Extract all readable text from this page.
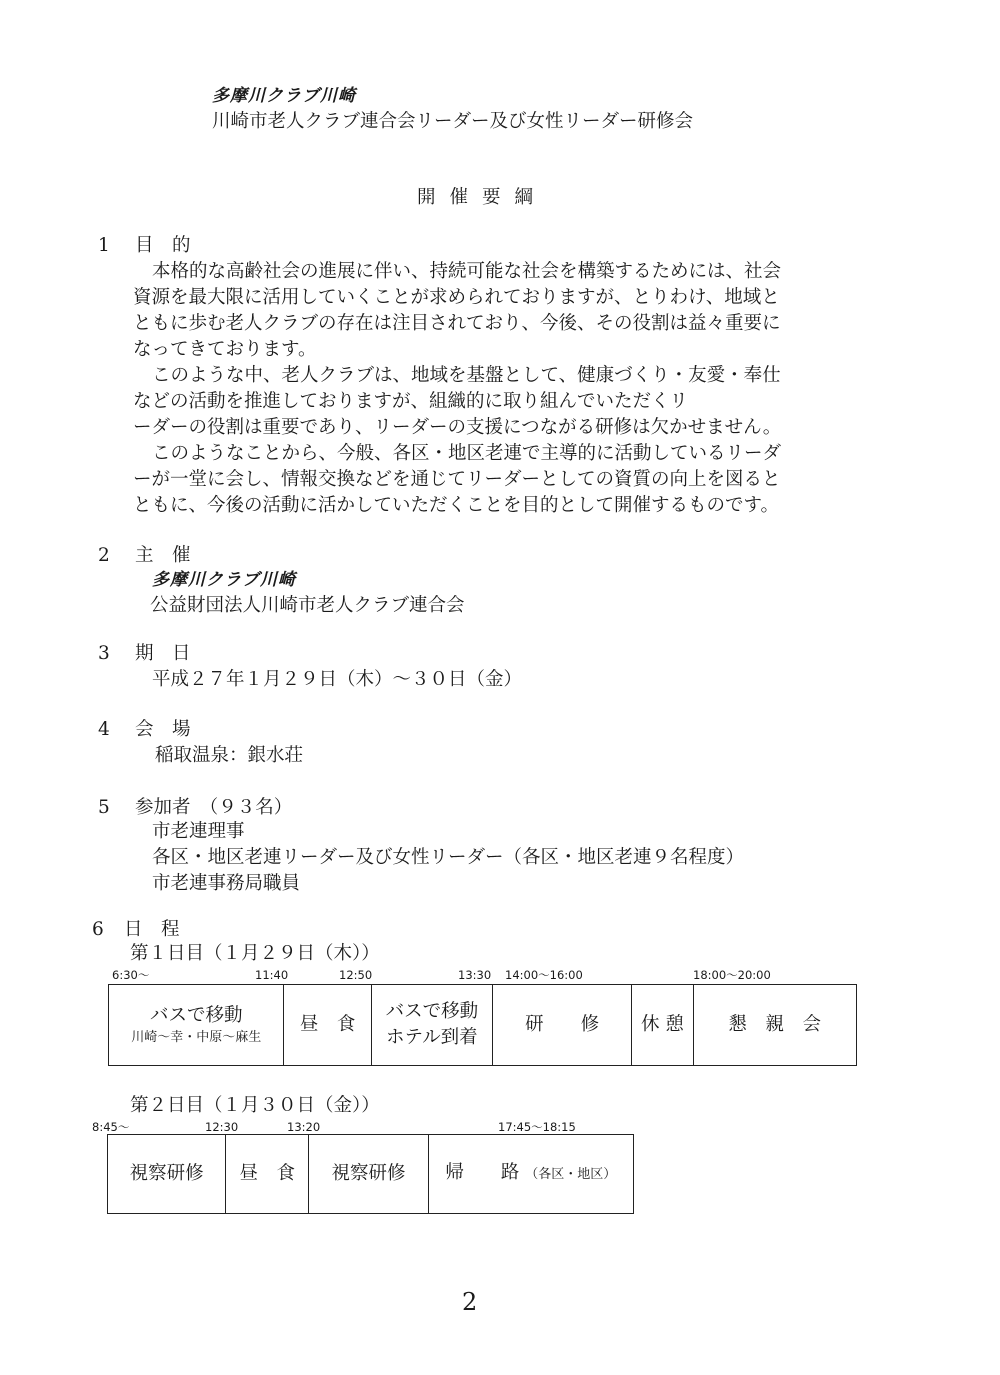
多摩川クラブ川崎
川崎市老人クラブ連合会リーダー及び女性リーダー研修会
開催要綱
1 目　的
本格的な高齢社会の進展に伴い、持続可能な社会を構築するためには、社会
資源を最大限に活用していくことが求められておりますが、とりわけ、地域と
ともに歩む老人クラブの存在は注目されており、今後、その役割は益々重要に
なってきております。
このような中、老人クラブは、地域を基盤として、健康づくり・友愛・奉仕
などの活動を推進しておりますが、組織的に取り組んでいただくリ
ーダーの役割は重要であり、リーダーの支援につながる研修は欠かせません。
このようなことから、今般、各区・地区老連で主導的に活動しているリーダ
ーが一堂に会し、情報交換などを通じてリーダーとしての資質の向上を図ると
ともに、今後の活動に活かしていただくことを目的として開催するものです。
2 主　催
多摩川クラブ川崎
公益財団法人川崎市老人クラブ連合会
3 期　日
平成２７年１月２９日（木）～３０日（金）
4 会　場
稲取温泉：銀水荘
5 参加者　（９３名）
市老連理事
各区・地区老連リーダー及び女性リーダー（各区・地区老連９名程度）
市老連事務局職員
6 日　程
第１日目（１月２９日（木））
6:30～	11:40	12:50	13:30 14:00～16:00	18:00～20:00
バスで移動
川崎～幸・中原～麻生
	昼　食	
バスで移動
ホテル到着
	研　　修	休 憩	懇　親　会
第２日目（１月３０日（金））
8:45～	12:30	13:20	17:45～18:15
視察研修	昼　食	視察研修	帰　　路 （各区・地区）
2
